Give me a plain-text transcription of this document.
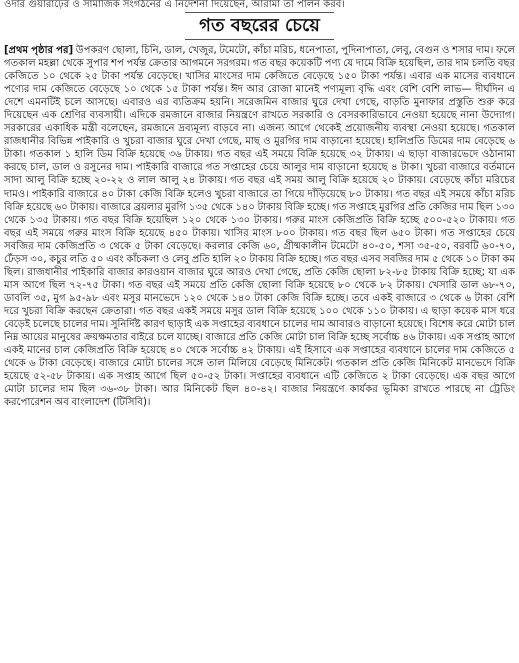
ওদার গুয়ারাঢ়ের ও সামাজিক সংগঠনের এ নির্দেশনা দিয়েছেন, আরামা তা পালন করব।
গত বছরের চেয়ে
[প্রথম পৃষ্ঠার পর] উপকরণ ছোলা, চিনি, ডাল, খেজুর, টমেটো, কাঁচা মরিচ, ধনেপাতা, পুদিনাপাতা, লেবু, বেগুন ও শসার দাম। ফলে গতকাল মহল্লা থেকে সুপার শপ পর্যন্ত ক্রেতার আগমনে সরগরম। গত বছর কয়েকটি পণ্য যে দামে বিক্রি হয়েছিল, তার দাম চলতি বছর কেজিতে ১০ থেকে ২৫ টাকা পর্যন্ত বেড়েছে। খাসির মাংসের দাম কেজিতে বেড়েছে ১৫০ টাকা পর্যন্ত। এবার এক মাসের ব্যবধানে পণ্যের দাম কেজিতে বেড়েছে ১০ থেকে ১৫ টাকা পর্যন্ত। ঈদ আর রোজা মানেই পণ্যমূল্য বৃদ্ধি এবং বেশি বেশি লাভ— দীর্ঘদিন এ দেশে এমনটিই চলে আসছে। এবারও এর ব্যতিক্রম হয়নি। সরেজমিন বাজার ঘুরে দেখা গেছে, বাড়তি মুনাফার প্রস্তুতি শুরু করে দিয়েছেন এক শ্রেণির ব্যবসায়ী। এদিকে রমজানে বাজার নিয়ন্ত্রণে রাখতে সরকারি ও বেসরকারিভাবে নেওয়া হয়েছে নানা উদ্যোগ। সরকারের একাধিক মন্ত্রী বলেছেন, রমজানে দ্রব্যমূল্য বাড়বে না। এজন্য আগে থেকেই প্রয়োজনীয় ব্যবস্থা নেওয়া হয়েছে। গতকাল রাজধানীর বিভিন্ন পাইকারি ও খুচরা বাজার ঘুরে দেখা গেছে, মাছ ও মুরগির দাম বাড়ানো হয়েছে। হালিপ্রতি ডিমের দাম বেড়েছে ৬ টাকা। গতকাল ১ হালি ডিম বিক্রি হয়েছে ৩৬ টাকায়। গত বছর এই সময়ে বিক্রি হয়েছে ৩২ টাকায়। এ ছাড়া বাজারভেদে ওঠানামা করছে চাল, ডাল ও রসুনের দাম। পাইকারি বাজারে গত সপ্তাহের চেয়ে আলুর দাম বাড়ানো হয়েছে ৪ টাকা। খুচরা বাজারে বর্তমানে সাদা আলু বিক্রি হচ্ছে ২০-২২ ও লাল আলু ২৪ টাকায়। গত বছর এই সময় আলু বিক্রি হয়েছে ২০ টাকায়। বেড়েছে কাঁচা মরিচের দামও। পাইকারি বাজারে ৪০ টাকা কেজি বিক্রি হলেও খুচরা বাজারে তা গিয়ে দাঁড়িয়েছে ৮০ টাকায়। গত বছর এই সময়ে কাঁচা মরিচ বিক্রি হয়েছে ৬০ টাকায়। বাজারে ব্রয়লার মুরগি ১৩৫ থেকে ১৪০ টাকায় বিক্রি হচ্ছে। গত সপ্তাহে মুরগির প্রতি কেজির দাম ছিল ১৩০ থেকে ১৩৫ টাকায়। গত বছর বিক্রি হয়েছিল ১২০ থেকে ১৩০ টাকায়। গরুর মাংস কেজিপ্রতি বিক্রি হচ্ছে ৫০০-৫২০ টাকায়। গত বছর এই সময়ে গরুর মাংস বিক্রি হয়েছে ৪৫০ টাকায়। খাসির মাংস ৮০০ টাকায়। গত বছর ছিল ৬৫০ টাকা। গত সপ্তাহের চেয়ে সবজির দাম কেজিপ্রতি ৩ থেকে ৫ টাকা বেড়েছে। করলার কেজি ৬০, গ্রীষ্মকালীন টমেটো ৪০-৫০, শসা ৩৫-৫০, বরবটি ৬০-৭০, ঢেঁড়স ৩০, কচুর লতি ৫০ এবং কাঁচকলা ও লেবু প্রতি হালি ২০ টাকায় বিক্রি হচ্ছে। গত বছর এসব সবজির দাম ৫ থেকে ১০ টাকা কম ছিল। রাজধানীর পাইকারি বাজার কারওয়ান বাজার ঘুরে আরও দেখা গেছে, প্রতি কেজি ছোলা ৮২-৮৫ টাকায় বিক্রি হচ্ছে; যা এক মাস আগে ছিল ৭২-৭৫ টাকা। গত বছর এই সময়ে প্রতি কেজি ছোলা বিক্রি হয়েছে ৮০ থেকে ৮২ টাকায়। খেসারি ডাল ৬৮-৭০, ডাবলি ৩৫, মুগ ৯৫-৯৮ এবং মসুর মানভেদে ১২০ থেকে ১৪০ টাকা কেজি বিক্রি হচ্ছে। তবে একই বাজারে ৩ থেকে ৬ টাকা বেশি দরে খুচরা বিক্রি করছেন ক্রেতারা। গত বছর একই সময়ে মসুর ডাল বিক্রি হয়েছে ১০০ থেকে ১১০ টাকায়। এ ছাড়া কয়েক মাস ধরে বেড়েই চলেছে চালের দাম। সুনির্দিষ্ট কারণ ছাড়াই এক সপ্তাহের ব্যবধানে চালের দাম আবারও বাড়ানো হয়েছে। বিশেষ করে মোটা চাল নিম্ন আয়ের মানুষের ক্রয়ক্ষমতার বাইরে চলে যাচ্ছে। বাজারে প্রতি কেজি মোটা চাল বিক্রি হচ্ছে সর্বোচ্চ ৪৬ টাকায়। এক সপ্তাহ আগে একই মানের চাল কেজিপ্রতি বিক্রি হয়েছে ৪০ থেকে সর্বোচ্চ ৪২ টাকায়। এই হিসাবে এক সপ্তাহের ব্যবধানে চালের দাম কেজিতে ৫ থেকে ৬ টাকা বেড়েছে। বাজারে মোটা চালের সঙ্গে তাল মিলিয়ে বেড়েছে মিনিকেট। গতকাল প্রতি কেজি মিনিকেট মানভেদে বিক্রি হয়েছে ৫২-৫৮ টাকায়। এক সপ্তাহ আগে ছিল ৫০-৫২ টাকা। সপ্তাহের ব্যবধানে এটি কেজিতে ২ টাকা বেড়েছে। এক বছর আগে মোটা চালের দাম ছিল ৩৬-৩৮ টাকা। আর মিনিকেট ছিল ৪০-৪২। বাজার নিয়ন্ত্রণে কার্যকর ভূমিকা রাখতে পারছে না ট্রেডিং করপোরেশন অব বাংলাদেশ (টিসিবি)।
